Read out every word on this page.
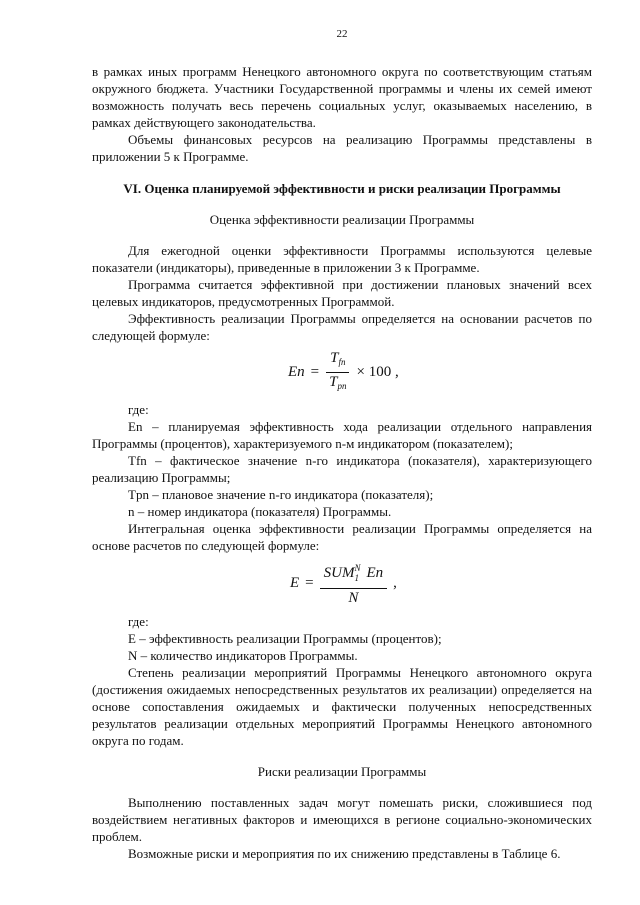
22

в рамках иных программ Ненецкого автономного округа по соответствующим статьям окружного бюджета. Участники Государственной программы и члены их семей имеют возможность получать весь перечень социальных услуг, оказываемых населению, в рамках действующего законодательства.

Объемы финансовых ресурсов на реализацию Программы представлены в приложении 5 к Программе.

VI. Оценка планируемой эффективности и риски реализации Программы
Оценка эффективности реализации Программы

Для ежегодной оценки эффективности Программы используются целевые показатели (индикаторы), приведенные в приложении 3 к Программе.

Программа считается эффективной при достижении плановых значений всех целевых индикаторов, предусмотренных Программой.

Эффективность реализации Программы определяется на основании расчетов по следующей формуле:

$En = \frac{T_{fn}}{T_{pn}} \times 100$ ,

где:

En – планируемая эффективность хода реализации отдельного направления Программы (процентов), характеризуемого n-м индикатором (показателем);

Tfn – фактическое значение n-го индикатора (показателя), характеризующего реализацию Программы;

Tpn – плановое значение n-го индикатора (показателя);

n – номер индикатора (показателя) Программы.

Интегральная оценка эффективности реализации Программы определяется на основе расчетов по следующей формуле:

$E = \frac{SUM^N_1 En}{N}$ ,

где:

E – эффективность реализации Программы (процентов);

N – количество индикаторов Программы.

Степень реализации мероприятий Программы Ненецкого автономного округа (достижения ожидаемых непосредственных результатов их реализации) определяется на основе сопоставления ожидаемых и фактически полученных непосредственных результатов реализации отдельных мероприятий Программы Ненецкого автономного округа по годам.

Риски реализации Программы

Выполнению поставленных задач могут помешать риски, сложившиеся под воздействием негативных факторов и имеющихся в регионе социально-экономических проблем.

Возможные риски и мероприятия по их снижению представлены в Таблице 6.
